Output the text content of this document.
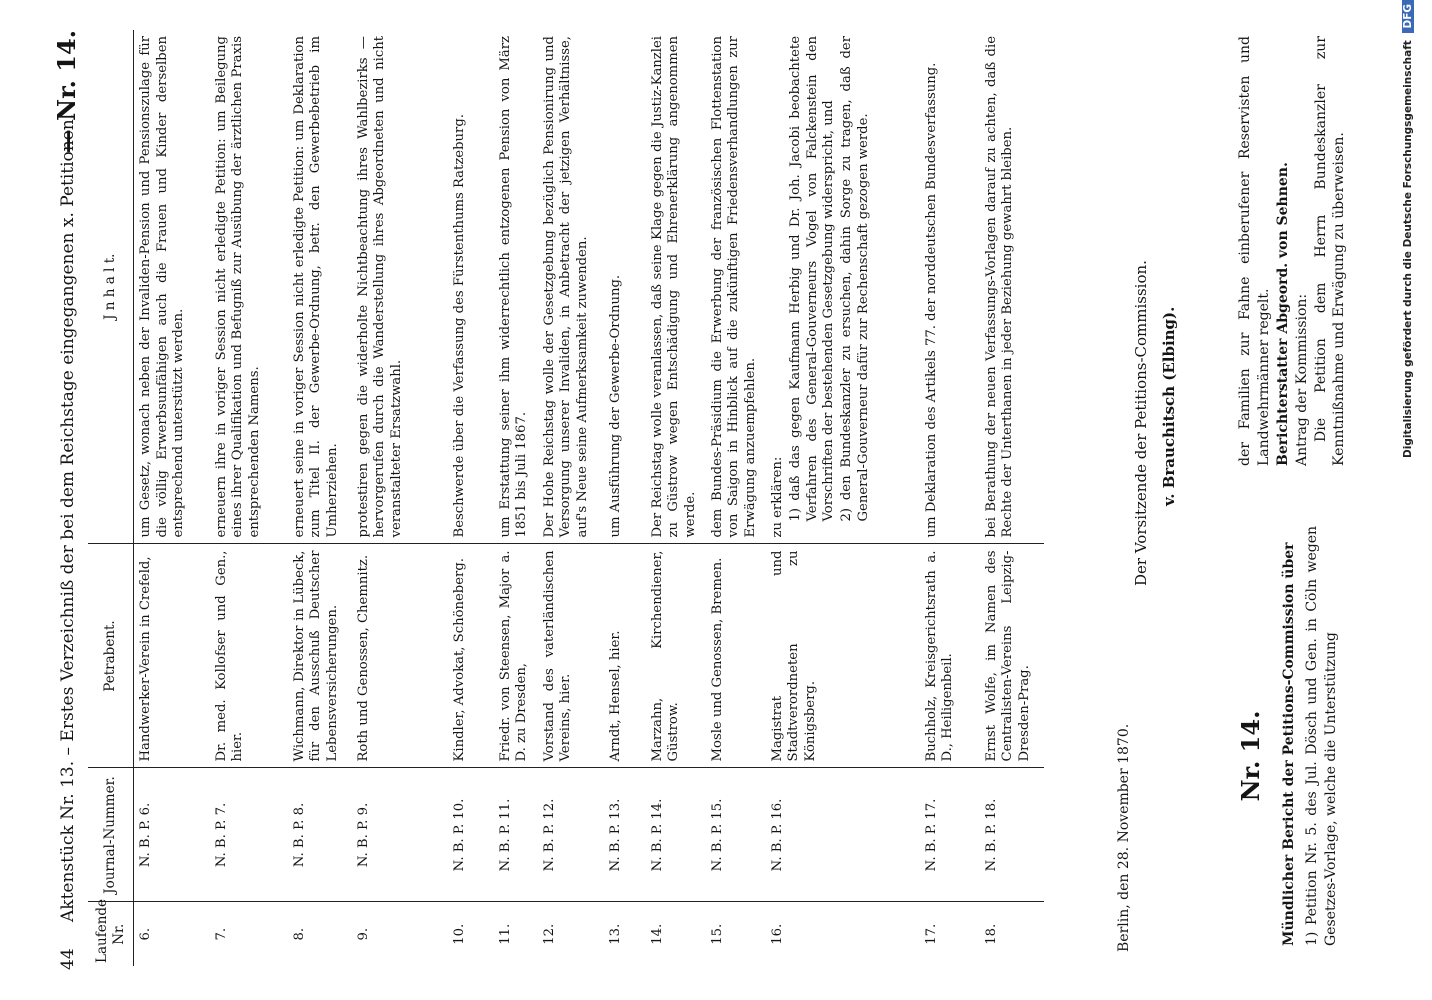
44
Aktenstück Nr. 13. – Erstes Verzeichniß der bei dem Reichstage eingegangenen x. Petitionen.
— Nr. 14.
Laufende Nr.	Journal-Nummer.	Petrabent.	J n h a l t.
6.	N. B. P. 6.	Handwerker-Verein in Crefeld,	um Gesetz, wonach neben der Invaliden-Pension und Pensionszulage für die völlig Erwerbsunfähigen auch die Frauen und Kinder derselben entsprechend unterstützt werden.
7.	N. B. P. 7.	Dr. med. Kollofser und Gen., hier.	erneuern ihre in voriger Session nicht erledigte Petition: um Beilegung eines ihrer Qualifikation und Befugniß zur Ausübung der ärztlichen Praxis entsprechenden Namens.
8.	N. B. P. 8.	Wichmann, Direktor in Lübeck, für den Ausschuß Deutscher Lebensversicherungen.	erneuert seine in voriger Session nicht erledigte Petition: um Deklaration zum Titel II. der Gewerbe-Ordnung, betr. den Gewerbebetrieb im Umherziehen.
9.	N. B. P. 9.	Roth und Genossen, Chemnitz.	protestiren gegen die widerholte Nichtbeachtung ihres Wahlbezirks — hervorgerufen durch die Wanderstellung ihres Abgeordneten und nicht veranstalteter Ersatzwahl.
10.	N. B. P. 10.	Kindler, Advokat, Schöneberg.	Beschwerde über die Verfassung des Fürstenthums Ratzeburg.
11.	N. B. P. 11.	Friedr. von Steensen, Major a. D. zu Dresden,	um Erstattung seiner ihm widerrechtlich entzogenen Pension von März 1851 bis Juli 1867.
12.	N. B. P. 12.	Vorstand des vaterländischen Vereins, hier.	Der Hohe Reichstag wolle der Gesetzgebung bezüglich Pensionirung und Versorgung unserer Invaliden, in Anbetracht der jetzigen Verhältnisse, auf's Neue seine Aufmerksamkeit zuwenden.
13.	N. B. P. 13.	Arndt, Hensel, hier.	um Ausführung der Gewerbe-Ordnung.
14.	N. B. P. 14.	Marzahn, Kirchendiener, Güstrow.	Der Reichstag wolle veranlassen, daß seine Klage gegen die Justiz-Kanzlei zu Güstrow wegen Entschädigung und Ehrenerklärung angenommen werde.
15.	N. B. P. 15.	Mosle und Genossen, Bremen.	dem Bundes-Präsidium die Erwerbung der französischen Flottenstation von Saigon in Hinblick auf die zukünftigen Friedensverhandlungen zur Erwägung anzuempfehlen.
16.	N. B. P. 16.	Magistrat und Stadtverordneten zu Königsberg.	zu erklären: 1) daß das gegen Kaufmann Herbig und Dr. Joh. Jacobi beobachtete Verfahren des General-Gouverneurs Vogel von Falckenstein den Vorschriften der bestehenden Gesetzgebung widerspricht, und 2) den Bundeskanzler zu ersuchen, dahin Sorge zu tragen, daß der General-Gouverneur dafür zur Rechenschaft gezogen werde.

17.	N. B. P. 17.	Buchholz, Kreisgerichtsrath a. D., Heiligenbeil.	um Deklaration des Artikels 77. der norddeutschen Bundesverfassung.
18.	N. B. P. 18.	Ernst Wolfe, im Namen des Centralisten-Vereins Leipzig-Dresden-Prag.	bei Berathung der neuen Verfassungs-Vorlagen darauf zu achten, daß die Rechte der Unterthanen in jeder Beziehung gewahrt bleiben.
Berlin, den 28. November 1870.
Der Vorsitzende der Petitions-Commission. v. Brauchitsch (Elbing).
Nr. 14. Mündlicher Bericht der Petitions-Commission über 1) Petition Nr. 5. des Jul. Dösch und Gen. in Cöln wegen Gesetzes-Vorlage, welche die Unterstützung
der Familien zur Fahne einberufener Reservisten und Landwehrmänner regelt. Berichterstatter Abgeord. von Sehnen. Antrag der Kommission: Die Petition dem Herrn Bundeskanzler zur Kenntnißnahme und Erwägung zu überweisen.	Digitalisierung gefördert durch die Deutsche Forschungsgemeinschaft DFG
